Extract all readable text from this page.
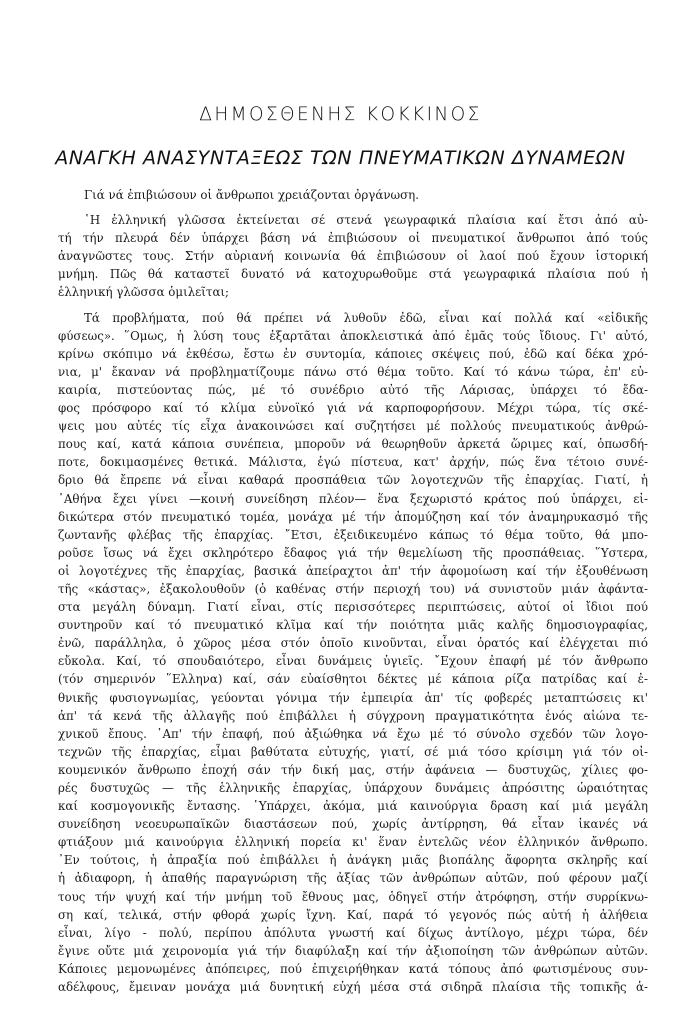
ΔΗΜΟΣΘΕΝΗΣ ΚΟΚΚΙΝΟΣ
ΑΝΑΓΚΗ ΑΝΑΣΥΝΤΑΞΕΩΣ ΤΩΝ ΠΝΕΥΜΑΤΙΚΩΝ ΔΥΝΑΜΕΩΝ

Γιά νά ἐπιβιώσουν οἱ ἄνθρωποι χρειάζονται ὀργάνωση.

῾Η ἑλληνική γλῶσσα ἐκτείνεται σέ στενά γεωγραφικά πλαίσια καί ἔτσι ἀπό αὐ-
τή τήν πλευρά δέν ὑπάρχει βάση νά ἐπιβιώσουν οἱ πνευματικοί ἄνθρωποι ἀπό τούς
ἀναγνῶστες τους. Στήν αὐριανή κοινωνία θά ἐπιβιώσουν οἱ λαοί πού ἔχουν ἱστορική
μνήμη. Πῶς θά καταστεῖ δυνατό νά κατοχυρωθοῦμε στά γεωγραφικά πλαίσια πού ἡ
ἑλληνική γλῶσσα ὁμιλεῖται;

Τά προβλήματα, πού θά πρέπει νά λυθοῦν ἐδῶ, εἶναι καί πολλά καί «εἰδικῆς
φύσεως». ῞Ομως, ἡ λύση τους ἐξαρτᾶται ἀποκλειστικά ἀπό ἐμᾶς τούς ἴδιους. Γι' αὐτό,
κρίνω σκόπιμο νά ἐκθέσω, ἔστω ἐν συντομία, κάποιες σκέψεις πού, ἐδῶ καί δέκα χρό-
νια, μ' ἔκαναν νά προβληματίζουμε πάνω στό θέμα τοῦτο. Καί τό κάνω τώρα, ἐπ' εὐ-
καιρία, πιστεύοντας πώς, μέ τό συνέδριο αὐτό τῆς Λάρισας, ὑπάρχει τό ἔδα-
φος πρόσφορο καί τό κλίμα εὐνοϊκό γιά νά καρποφορήσουν. Μέχρι τώρα, τίς σκέ-
ψεις μου αὐτές τίς εἶχα ἀνακοινώσει καί συζητήσει μέ πολλούς πνευματικούς ἀνθρώ-
πους καί, κατά κάποια συνέπεια, μποροῦν νά θεωρηθοῦν ἀρκετά ὥριμες καί, ὁπωσδή-
ποτε, δοκιμασμένες θετικά. Μάλιστα, ἐγώ πίστευα, κατ' ἀρχήν, πώς ἕνα τέτοιο συνέ-
δριο θά ἔπρεπε νά εἶναι καθαρά προσπάθεια τῶν λογοτεχνῶν τῆς ἐπαρχίας. Γιατί, ἡ
᾿Αθήνα ἔχει γίνει —κοινή συνείδηση πλέον— ἕνα ξεχωριστό κράτος πού ὑπάρχει, εἰ-
δικώτερα στόν πνευματικό τομέα, μονάχα μέ τήν ἀπομύζηση καί τόν ἀναμηρυκασμό τῆς
ζωντανῆς φλέβας τῆς ἐπαρχίας. ῎Ετσι, ἐξειδικευμένο κάπως τό θέμα τοῦτο, θά μπο-
ροῦσε ἴσως νά ἔχει σκληρότερο ἔδαφος γιά τήν θεμελίωση τῆς προσπάθειας. ῞Υστερα,
οἱ λογοτέχνες τῆς ἐπαρχίας, βασικά ἀπείραχτοι ἀπ' τήν ἀφομοίωση καί τήν ἐξουθένωση
τῆς «κάστας», ἐξακολουθοῦν (ὁ καθένας στήν περιοχή του) νά συνιστοῦν μιάν ἀφάντα-
στα μεγάλη δύναμη. Γιατί εἶναι, στίς περισσότερες περιπτώσεις, αὐτοί οἱ ἴδιοι πού
συντηροῦν καί τό πνευματικό κλῖμα καί τήν ποιότητα μιᾶς καλῆς δημοσιογραφίας,
ἐνῶ, παράλληλα, ὁ χῶρος μέσα στόν ὁποῖο κινοῦνται, εἶναι ὁρατός καί ἐλέγχεται πιό
εὔκολα. Καί, τό σπουδαιότερο, εἶναι δυνάμεις ὑγιεῖς. ῎Εχουν ἐπαφή μέ τόν ἄνθρωπο
(τόν σημερινόν ῞Ελληνα) καί, σάν εὐαίσθητοι δέκτες μέ κάποια ρίζα πατρίδας καί ἐ-
θνικῆς φυσιογνωμίας, γεύονται γόνιμα τήν ἐμπειρία ἀπ' τίς φοβερές μεταπτώσεις κι'
ἀπ' τά κενά τῆς ἀλλαγῆς πού ἐπιβάλλει ἡ σύγχρονη πραγματικότητα ἑνός αἰώνα τε-
χνικοῦ ἔπους. ᾿Απ' τήν ἐπαφή, πού ἀξιώθηκα νά ἔχω μέ τό σύνολο σχεδόν τῶν λογο-
τεχνῶν τῆς ἐπαρχίας, εἶμαι βαθύτατα εὐτυχής, γιατί, σέ μιά τόσο κρίσιμη γιά τόν οἰ-
κουμενικόν ἄνθρωπο ἐποχή σάν τήν δική μας, στήν ἀφάνεια — δυστυχῶς, χίλιες φο-
ρές δυστυχῶς — τῆς ἑλληνικῆς ἐπαρχίας, ὑπάρχουν δυνάμεις ἀπρόσιτης ὡραιότητας
καί κοσμογονικῆς ἔντασης. ῾Υπάρχει, ἀκόμα, μιά καινούργια δραση καί μιά μεγάλη
συνείδηση νεοευρωπαϊκῶν διαστάσεων πού, χωρίς ἀντίρρηση, θά εἶταν ἱκανές νά
φτιάξουν μιά καινούργια ἑλληνική πορεία κι' ἕναν ἐντελῶς νέον ἑλληνικόν ἄνθρωπο.
᾿Εν τούτοις, ἡ ἀπραξία πού ἐπιβάλλει ἡ ἀνάγκη μιᾶς βιοπάλης ἄφορητα σκληρῆς καί
ἡ ἀδιαφορη, ἡ ἀπαθής παραγνώριση τῆς ἀξίας τῶν ἀνθρώπων αὐτῶν, πού φέρουν μαζί
τους τήν ψυχή καί τήν μνήμη τοῦ ἔθνους μας, ὁδηγεῖ στήν ἀτρόφηση, στήν συρρίκνω-
ση καί, τελικά, στήν φθορά χωρίς ἴχνη. Καί, παρά τό γεγονός πώς αὐτή ἡ ἀλήθεια
εἶναι, λίγο - πολύ, περίπου ἀπόλυτα γνωστή καί δίχως ἀντίλογο, μέχρι τώρα, δέν
ἔγινε οὔτε μιά χειρονομία γιά τήν διαφύλαξη καί τήν ἀξιοποίηση τῶν ἀνθρώπων αὐτῶν.
Κάποιες μεμονωμένες ἀπόπειρες, πού ἐπιχειρήθηκαν κατά τόπους ἀπό φωτισμένους συν-
αδέλφους, ἔμειναν μονάχα μιά δυνητική εὐχή μέσα στά σιδηρᾶ πλαίσια τῆς τοπικῆς ἁ-
